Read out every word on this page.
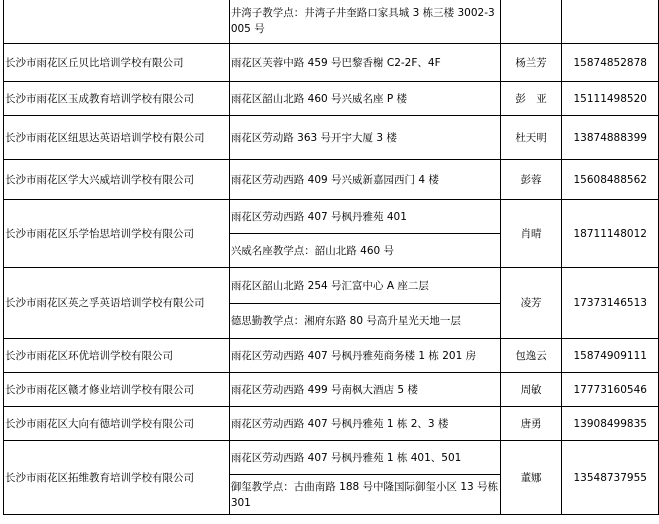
	井湾子教学点：井湾子井奎路口家具城 3 栋三楼 3002-3005 号		
长沙市雨花区丘贝比培训学校有限公司	雨花区芙蓉中路 459 号巴黎香榭 C2-2F、4F	杨兰芳	15874852878
长沙市雨花区玉成教育培训学校有限公司	雨花区韶山北路 460 号兴威名座 P 楼	彭　亚	15111498520
长沙市雨花区纽思达英语培训学校有限公司	雨花区劳动路 363 号开宇大厦 3 楼	杜天明	13874888399
长沙市雨花区学大兴威培训学校有限公司	雨花区劳动西路 409 号兴威新嘉园西门 4 楼	彭蓉	15608488562
长沙市雨花区乐学怡思培训学校有限公司	雨花区劳动西路 407 号枫丹雅苑 401	肖晴	18711148012
	兴威名座教学点：韶山北路 460 号		
长沙市雨花区英之孚英语培训学校有限公司	雨花区韶山北路 254 号汇富中心 A 座二层	凌芳	17373146513
	德思勤教学点：湘府东路 80 号高升星光天地一层		
长沙市雨花区环优培训学校有限公司	雨花区劳动西路 407 号枫丹雅苑商务楼 1 栋 201 房	包逸云	15874909111
长沙市雨花区赣才修业培训学校有限公司	雨花区劳动西路 499 号南枫大酒店 5 楼	周敏	17773160546
长沙市雨花区大向有德培训学校有限公司	雨花区劳动西路 407 号枫丹雅苑 1 栋 2、3 楼	唐勇	13908499835
长沙市雨花区拓维教育培训学校有限公司	雨花区劳动西路 407 号枫丹雅苑 1 栋 401、501	董娜	13548737955
	御玺教学点：古曲南路 188 号中隆国际御玺小区 13 号栋 301		
